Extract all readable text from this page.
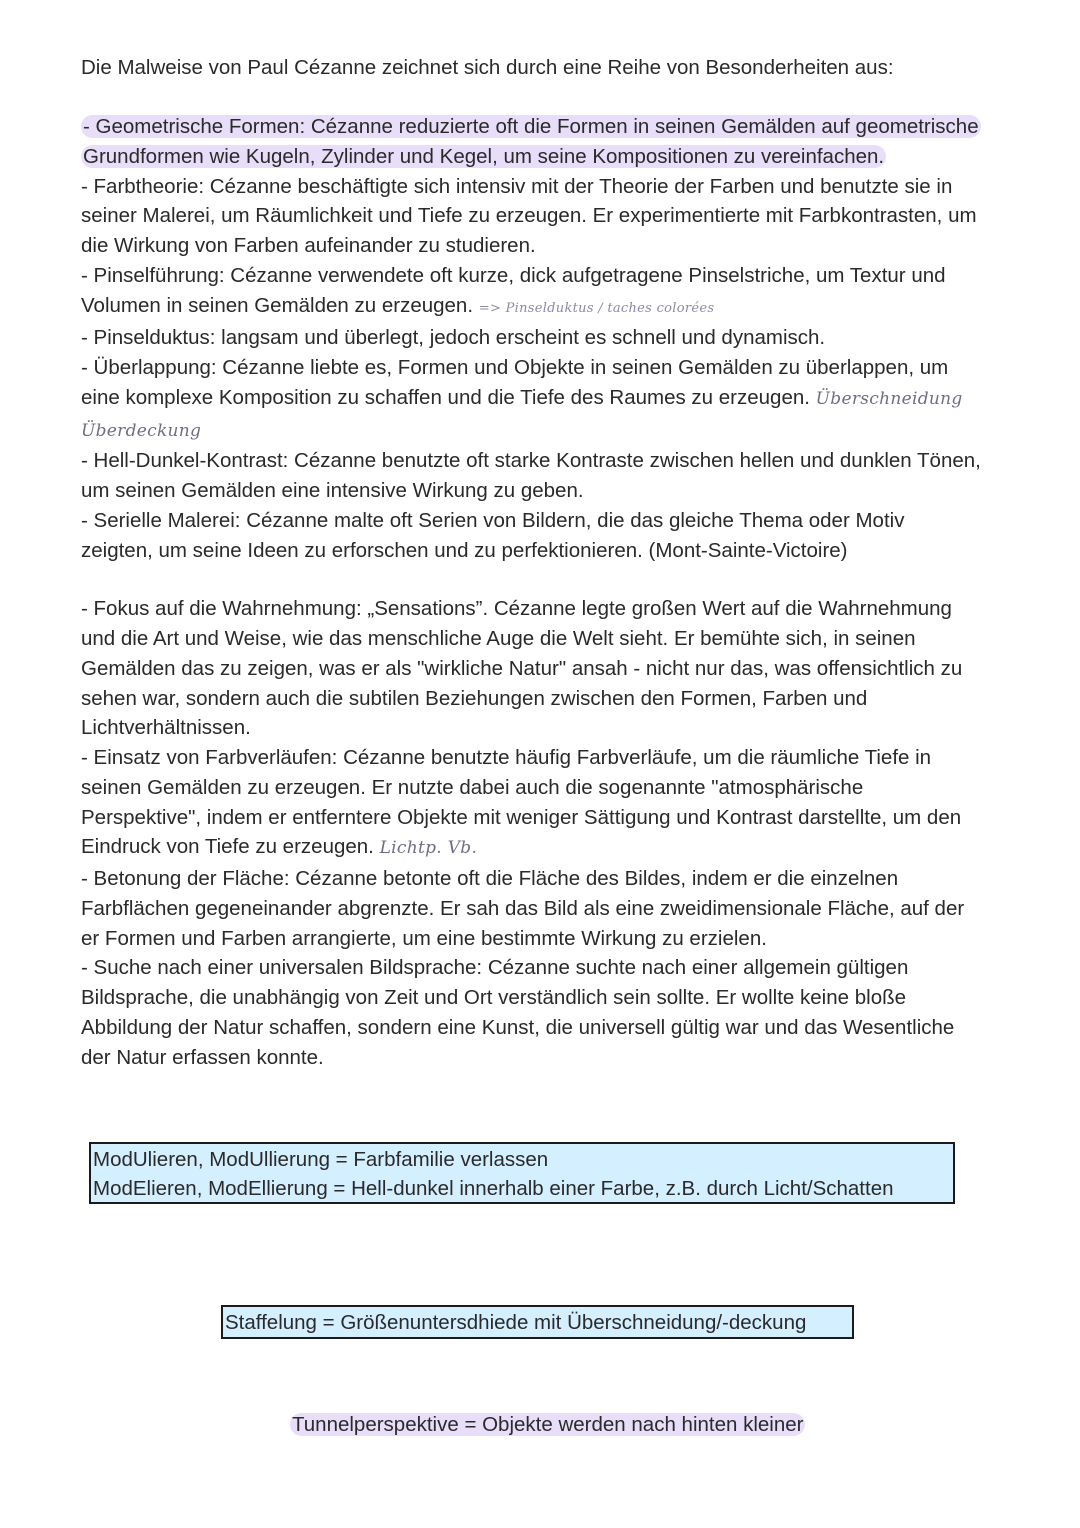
Die Malweise von Paul Cézanne zeichnet sich durch eine Reihe von Besonderheiten aus:

- Geometrische Formen: Cézanne reduzierte oft die Formen in seinen Gemälden auf geometrische Grundformen wie Kugeln, Zylinder und Kegel, um seine Kompositionen zu vereinfachen.
- Farbtheorie: Cézanne beschäftigte sich intensiv mit der Theorie der Farben und benutzte sie in seiner Malerei, um Räumlichkeit und Tiefe zu erzeugen. Er experimentierte mit Farbkontrasten, um die Wirkung von Farben aufeinander zu studieren.
- Pinselführung: Cézanne verwendete oft kurze, dick aufgetragene Pinselstriche, um Textur und Volumen in seinen Gemälden zu erzeugen. => Pinselduktus / taches colorées
- Pinselduktus: langsam und überlegt, jedoch erscheint es schnell und dynamisch.
- Überlappung: Cézanne liebte es, Formen und Objekte in seinen Gemälden zu überlappen, um eine komplexe Komposition zu schaffen und die Tiefe des Raumes zu erzeugen. Überschneidung Überdeckung
- Hell-Dunkel-Kontrast: Cézanne benutzte oft starke Kontraste zwischen hellen und dunklen Tönen, um seinen Gemälden eine intensive Wirkung zu geben.
- Serielle Malerei: Cézanne malte oft Serien von Bildern, die das gleiche Thema oder Motiv zeigten, um seine Ideen zu erforschen und zu perfektionieren. (Mont-Sainte-Victoire)

- Fokus auf die Wahrnehmung: „Sensations”. Cézanne legte großen Wert auf die Wahrnehmung und die Art und Weise, wie das menschliche Auge die Welt sieht. Er bemühte sich, in seinen Gemälden das zu zeigen, was er als "wirkliche Natur" ansah - nicht nur das, was offensichtlich zu sehen war, sondern auch die subtilen Beziehungen zwischen den Formen, Farben und Lichtverhältnissen.
- Einsatz von Farbverläufen: Cézanne benutzte häufig Farbverläufe, um die räumliche Tiefe in seinen Gemälden zu erzeugen. Er nutzte dabei auch die sogenannte "atmosphärische Perspektive", indem er entferntere Objekte mit weniger Sättigung und Kontrast darstellte, um den Eindruck von Tiefe zu erzeugen. Lichtp. Vb.
- Betonung der Fläche: Cézanne betonte oft die Fläche des Bildes, indem er die einzelnen Farbflächen gegeneinander abgrenzte. Er sah das Bild als eine zweidimensionale Fläche, auf der er Formen und Farben arrangierte, um eine bestimmte Wirkung zu erzielen.
- Suche nach einer universalen Bildsprache: Cézanne suchte nach einer allgemein gültigen Bildsprache, die unabhängig von Zeit und Ort verständlich sein sollte. Er wollte keine bloße Abbildung der Natur schaffen, sondern eine Kunst, die universell gültig war und das Wesentliche der Natur erfassen konnte.

ModUlieren, ModUllierung = Farbfamilie verlassen
ModElieren, ModEllierung = Hell-dunkel innerhalb einer Farbe, z.B. durch Licht/Schatten
Staffelung = Größenuntersdhiede mit Überschneidung/-deckung
Tunnelperspektive = Objekte werden nach hinten kleiner
